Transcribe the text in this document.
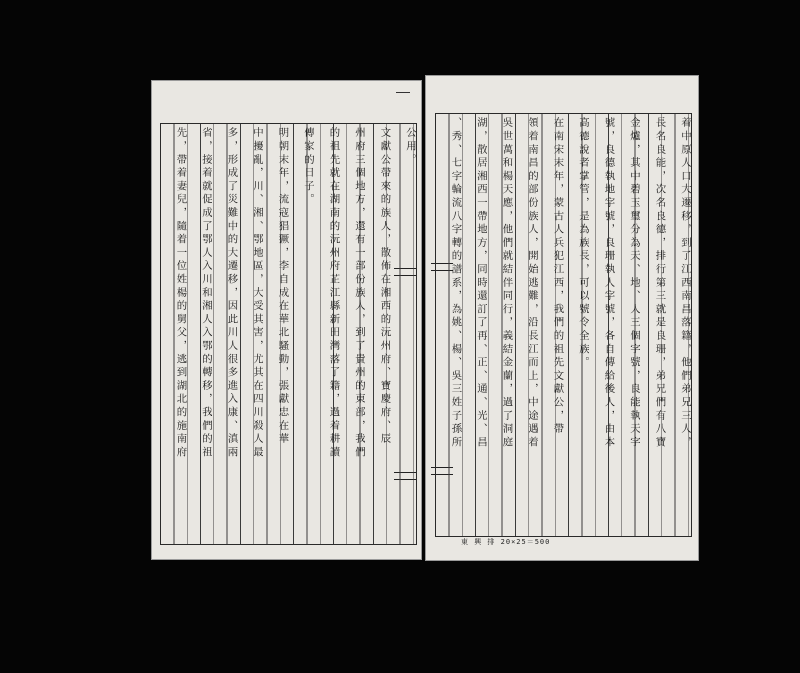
公用。
文獻公帶來的族人，散佈在湘西的沅州府、寶慶府、辰
州府三個地方，還有一部份族人，到了貴州的東部，我們
的祖先就在湖南的沅州府芷江縣新田灣落了籍，過着耕讀
傳家的日子。
明朝末年，流寇猖獗，李自成在華北騷動，張獻忠在華
中擾亂，川、湘、鄂地區，大受其害，尤其在四川殺人最
多，形成了災難中的大遷移，因此川人很多進入康、滇兩
省，接着就促成了鄂人入川和湘人入鄂的轉移，我們的祖
先，帶着妻兒，隨着一位姓楊的舅父，逃到湖北的施南府	着中原人口大遷移，到了江西南昌落籍，他們弟兄三人，
長名良能，次名良德，排行第三就是良珊，弟兄們有八寶
金爐，其中碧玉璽分為天、地、人三個字號，良能執天字
號，良德執地字號，良珊執人字號，各自傳給後人，由本
高德說者掌管，是為族長，可以號令全族。
在南宋末年，蒙古人兵犯江西，我們的祖先文獻公，帶
領着南昌的部份族人，開始逃難，沿長江而上，中途遇着
吳世萬和楊天應，他們就結伴同行，義結金蘭，過了洞庭
湖，散居湘西一帶地方，同時還訂了再、正、通、光、昌
、秀、七字輪流八字轉的譜系，為姚、楊、吳三姓子孫所
東 興 排 20×25＝500
